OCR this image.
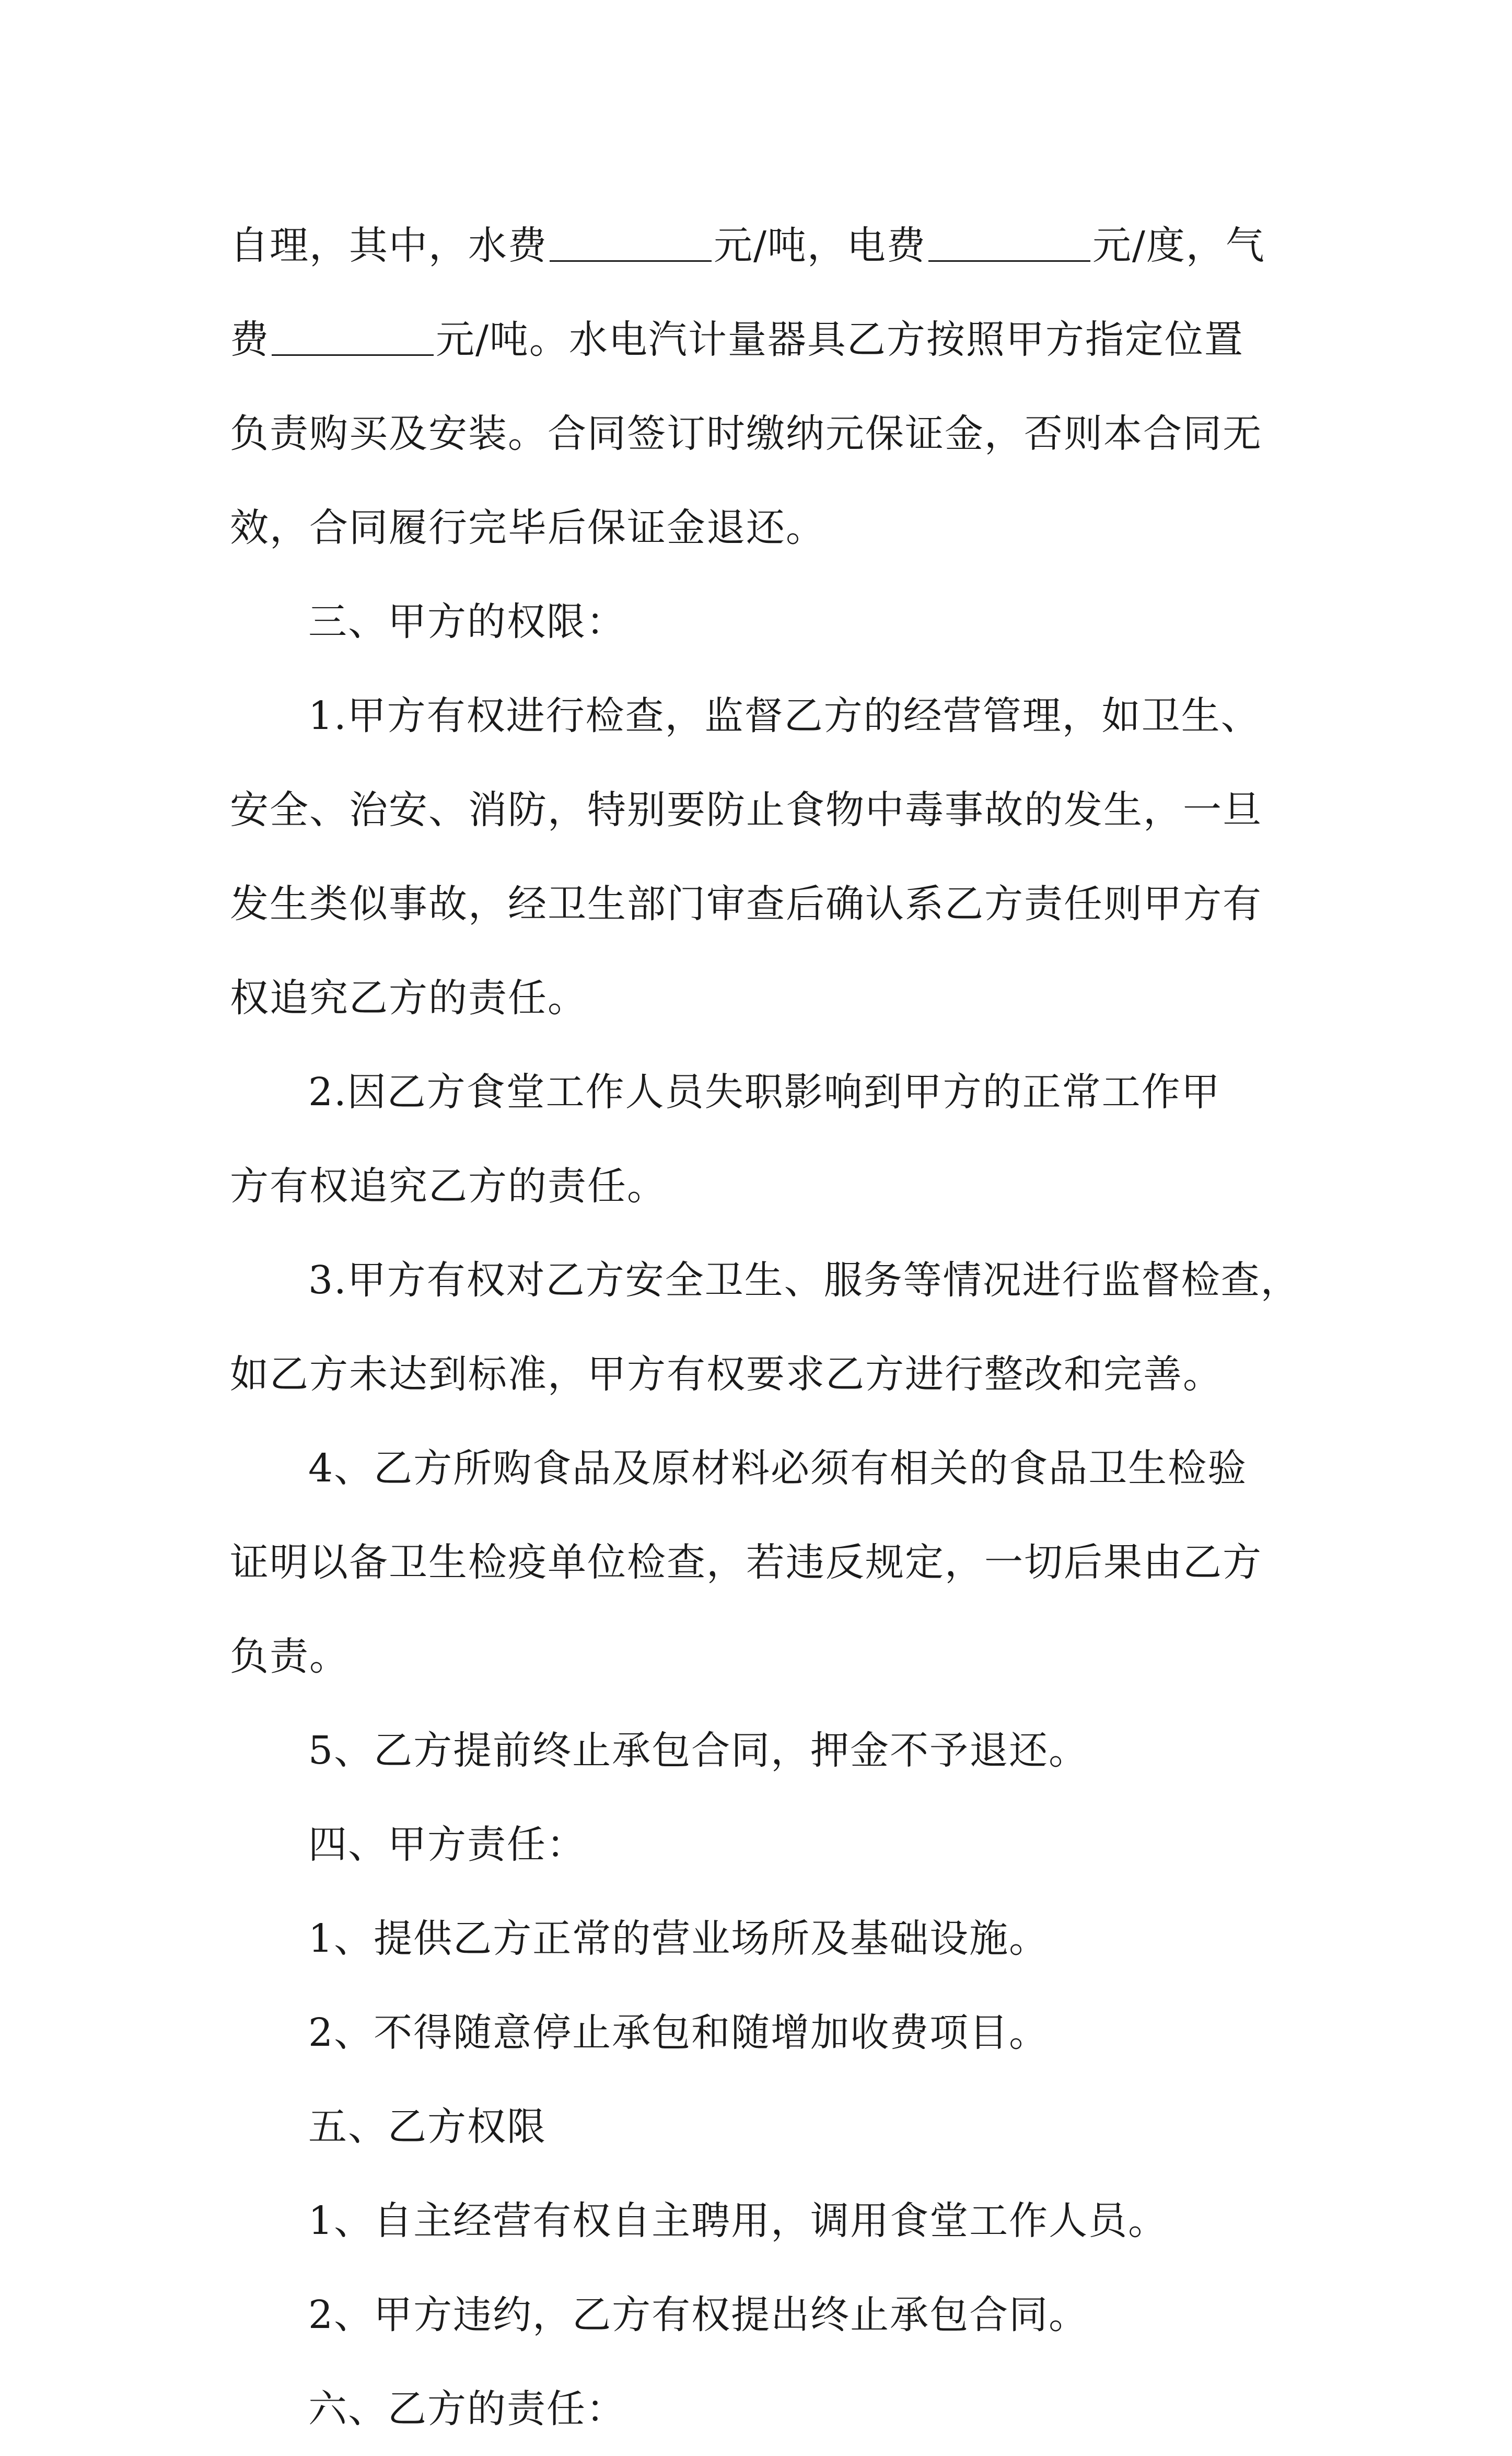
自理，其中，水费	元/吨，电费	元/度，气
费	元/吨。水电汽计量器具乙方按照甲方指定位置
负责购买及安装。合同签订时缴纳元保证金，否则本合同无
效，合同履行完毕后保证金退还。
三、甲方的权限：
1.甲方有权进行检查，监督乙方的经营管理，如卫生、
安全、治安、消防，特别要防止食物中毒事故的发生，一旦
发生类似事故，经卫生部门审查后确认系乙方责任则甲方有
权追究乙方的责任。
2.因乙方食堂工作人员失职影响到甲方的正常工作甲
方有权追究乙方的责任。
3.甲方有权对乙方安全卫生、服务等情况进行监督检查，
如乙方未达到标准，甲方有权要求乙方进行整改和完善。
4、乙方所购食品及原材料必须有相关的食品卫生检验
证明以备卫生检疫单位检查，若违反规定，一切后果由乙方
负责。
5、乙方提前终止承包合同，押金不予退还。
四、甲方责任：
1、提供乙方正常的营业场所及基础设施。
2、不得随意停止承包和随增加收费项目。
五、乙方权限
1、自主经营有权自主聘用，调用食堂工作人员。
2、甲方违约，乙方有权提出终止承包合同。
六、乙方的责任：
